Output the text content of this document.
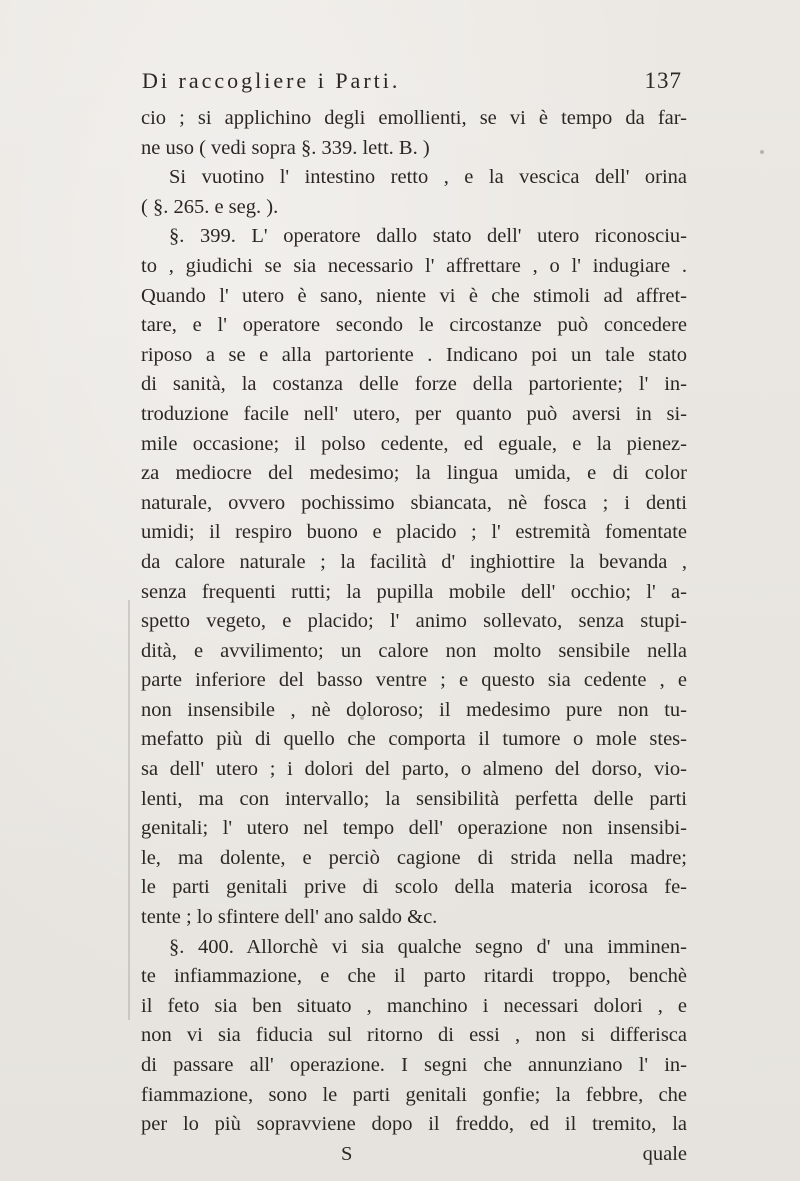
Di raccogliere i Parti.	137
cio ; si applichino degli emollienti, se vi è tempo da far-
ne uso ( vedi sopra §. 339. lett. B. )
Si vuotino l' intestino retto , e la vescica dell' orina
( §. 265. e seg. ).
§. 399. L' operatore dallo stato dell' utero riconosciu-
to , giudichi se sia necessario l' affrettare , o l' indugiare .
Quando l' utero è sano, niente vi è che stimoli ad affret-
tare, e l' operatore secondo le circostanze può concedere
riposo a se e alla partoriente . Indicano poi un tale stato
di sanità, la costanza delle forze della partoriente; l' in-
troduzione facile nell' utero, per quanto può aversi in si-
mile occasione; il polso cedente, ed eguale, e la pienez-
za mediocre del medesimo; la lingua umida, e di color
naturale, ovvero pochissimo sbiancata, nè fosca ; i denti
umidi; il respiro buono e placido ; l' estremità fomentate
da calore naturale ; la facilità d' inghiottire la bevanda ,
senza frequenti rutti; la pupilla mobile dell' occhio; l' a-
spetto vegeto, e placido; l' animo sollevato, senza stupi-
dità, e avvilimento; un calore non molto sensibile nella
parte inferiore del basso ventre ; e questo sia cedente , e
non insensibile , nè doloroso; il medesimo pure non tu-
mefatto più di quello che comporta il tumore o mole stes-
sa dell' utero ; i dolori del parto, o almeno del dorso, vio-
lenti, ma con intervallo; la sensibilità perfetta delle parti
genitali; l' utero nel tempo dell' operazione non insensibi-
le, ma dolente, e perciò cagione di strida nella madre;
le parti genitali prive di scolo della materia icorosa fe-
tente ; lo sfintere dell' ano saldo &c.
§. 400. Allorchè vi sia qualche segno d' una imminen-
te infiammazione, e che il parto ritardi troppo, benchè
il feto sia ben situato , manchino i necessari dolori , e
non vi sia fiducia sul ritorno di essi , non si differisca
di passare all' operazione. I segni che annunziano l' in-
fiammazione, sono le parti genitali gonfie; la febbre, che
per lo più sopravviene dopo il freddo, ed il tremito, la
S	quale
